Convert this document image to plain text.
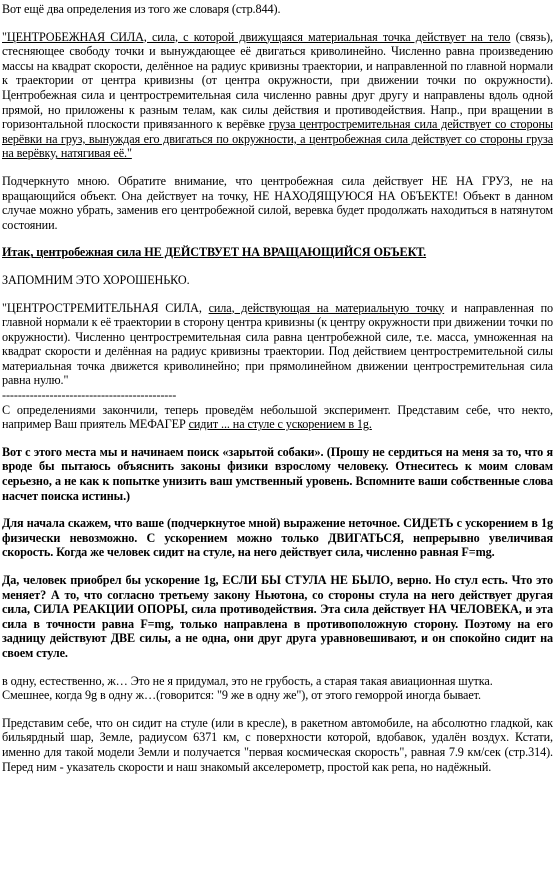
Вот ещё два определения из того же словаря (стр.844).

"ЦЕНТРОБЕЖНАЯ СИЛА, сила, с которой движущаяся материальная точка действует на тело (связь), стесняющее свободу точки и вынуждающее её двигаться криволинейно. Численно равна произведению массы на квадрат скорости, делённое на радиус кривизны траектории, и направленной по главной нормали к траектории от центра кривизны (от центра окружности, при движении точки по окружности). Центробежная сила и центростремительная сила численно равны друг другу и направлены вдоль одной прямой, но приложены к разным телам, как силы действия и противодействия. Напр., при вращении в горизонтальной плоскости привязанного к верёвке груза центростремительная сила действует со стороны верёвки на груз, вынуждая его двигаться по окружности, а центробежная сила действует со стороны груза на верёвку, натягивая её."

Подчеркнуто мною. Обратите внимание, что центробежная сила действует НЕ НА ГРУЗ, не на вращающийся объект. Она действует на точку, НЕ НАХОДЯЩУЮСЯ НА ОБЪЕКТЕ! Объект в данном случае можно убрать, заменив его центробежной силой, веревка будет продолжать находиться в натянутом состоянии.

Итак, центробежная сила НЕ ДЕЙСТВУЕТ НА ВРАЩАЮЩИЙСЯ ОБЪЕКТ.

ЗАПОМНИМ ЭТО ХОРОШЕНЬКО.

"ЦЕНТРОСТРЕМИТЕЛЬНАЯ СИЛА, сила, действующая на материальную точку и направленная по главной нормали к её траектории в сторону центра кривизны (к центру окружности при движении точки по окружности). Численно центростремительная сила равна центробежной силе, т.е. масса, умноженная на квадрат скорости и делённая на радиус кривизны траектории. Под действием центростремительной силы материальная точка движется криволинейно; при прямолинейном движении центростремительная сила равна нулю."

--------------------------------------------

С определениями закончили, теперь проведём небольшой эксперимент. Представим себе, что некто, например Ваш приятель МЕФАГЕР сидит ... на стуле с ускорением в 1g.

Вот с этого места мы и начинаем поиск «зарытой собаки». (Прошу не сердиться на меня за то, что я вроде бы пытаюсь объяснить законы физики взрослому человеку. Отнеситесь к моим словам серьезно, а не как к попытке унизить ваш умственный уровень. Вспомните ваши собственные слова насчет поиска истины.)

Для начала скажем, что ваше (подчеркнутое мной) выражение неточное. СИДЕТЬ с ускорением в 1g физически невозможно. С ускорением можно только ДВИГАТЬСЯ, непрерывно увеличивая скорость. Когда же человек сидит на стуле, на него действует сила, численно равная F=mg.

Да, человек приобрел бы ускорение 1g, ЕСЛИ БЫ СТУЛА НЕ БЫЛО, верно. Но стул есть. Что это меняет? А то, что согласно третьему закону Ньютона, со стороны стула на него действует другая сила, СИЛА РЕАКЦИИ ОПОРЫ, сила противодействия. Эта сила действует НА ЧЕЛОВЕКА, и эта сила в точности равна F=mg, только направлена в противоположную сторону. Поэтому на его задницу действуют ДВЕ силы, а не одна, они друг друга уравновешивают, и он спокойно сидит на своем стуле.

в одну, естественно, ж… Это не я придумал, это не грубость, а старая такая авиационная шутка.

Смешнее, когда 9g в одну ж…(говорится: "9 же в одну же"), от этого геморрой иногда бывает.

Представим себе, что он сидит на стуле (или в кресле), в ракетном автомобиле, на абсолютно гладкой, как бильярдный шар, Земле, радиусом 6371 км, с поверхности которой, вдобавок, удалён воздух. Кстати, именно для такой модели Земли и получается "первая космическая скорость", равная 7.9 км/сек (стр.314). Перед ним - указатель скорости и наш знакомый акселерометр, простой как репа, но надёжный.
